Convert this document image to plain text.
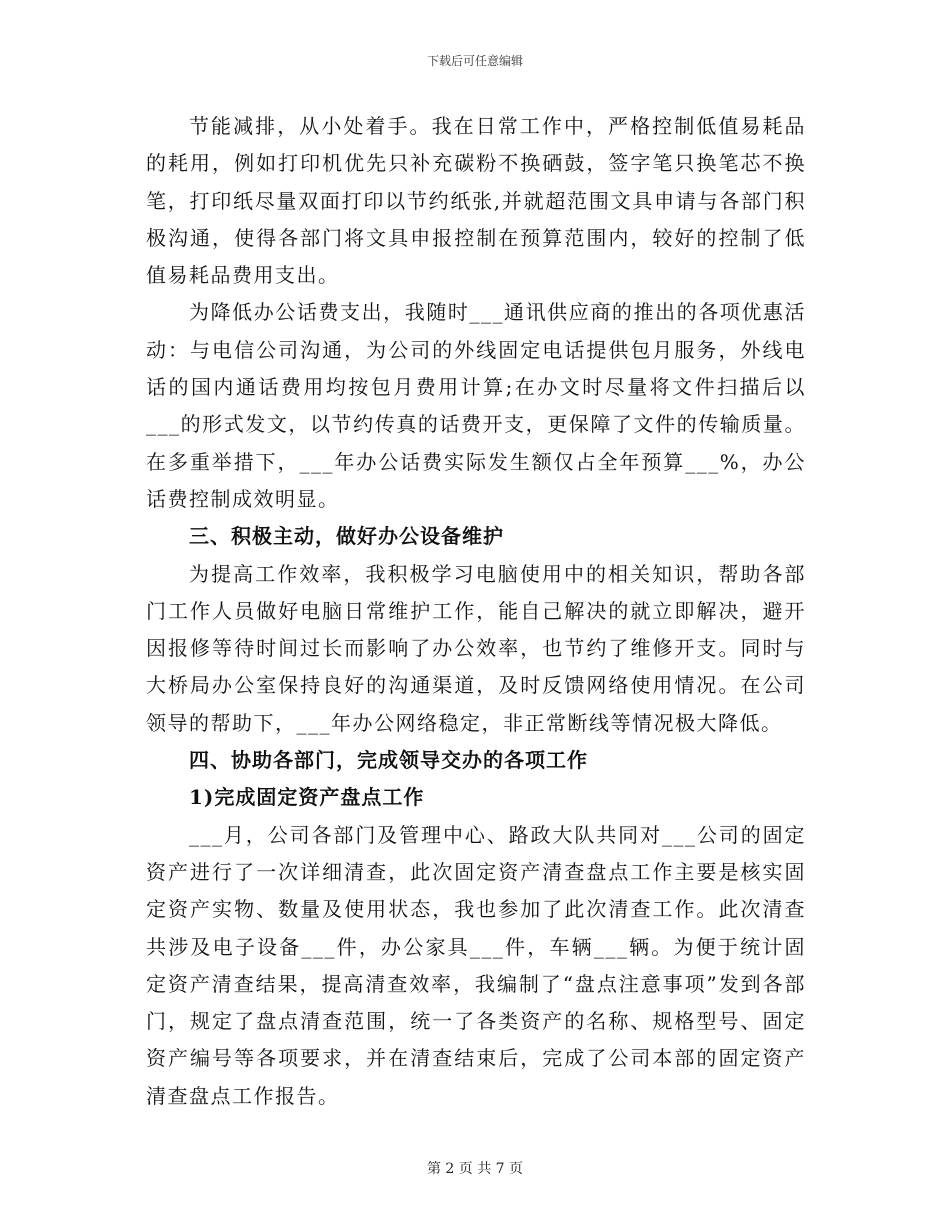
下载后可任意编辑

节能减排，从小处着手。我在日常工作中，严格控制低值易耗品的耗用，例如打印机优先只补充碳粉不换硒鼓，签字笔只换笔芯不换笔，打印纸尽量双面打印以节约纸张,并就超范围文具申请与各部门积极沟通，使得各部门将文具申报控制在预算范围内，较好的控制了低值易耗品费用支出。

为降低办公话费支出，我随时___通讯供应商的推出的各项优惠活动：与电信公司沟通，为公司的外线固定电话提供包月服务，外线电话的国内通话费用均按包月费用计算;在办文时尽量将文件扫描后以___的形式发文，以节约传真的话费开支，更保障了文件的传输质量。在多重举措下，___年办公话费实际发生额仅占全年预算___%，办公话费控制成效明显。

三、积极主动，做好办公设备维护

为提高工作效率，我积极学习电脑使用中的相关知识，帮助各部门工作人员做好电脑日常维护工作，能自己解决的就立即解决，避开因报修等待时间过长而影响了办公效率，也节约了维修开支。同时与大桥局办公室保持良好的沟通渠道，及时反馈网络使用情况。在公司领导的帮助下，___年办公网络稳定，非正常断线等情况极大降低。

四、协助各部门，完成领导交办的各项工作

1)完成固定资产盘点工作

___月，公司各部门及管理中心、路政大队共同对___公司的固定资产进行了一次详细清查，此次固定资产清查盘点工作主要是核实固定资产实物、数量及使用状态，我也参加了此次清查工作。此次清查共涉及电子设备___件，办公家具___件，车辆___辆。为便于统计固定资产清查结果，提高清查效率，我编制了“盘点注意事项”发到各部门，规定了盘点清查范围，统一了各类资产的名称、规格型号、固定资产编号等各项要求，并在清查结束后，完成了公司本部的固定资产清查盘点工作报告。

第 2 页 共 7 页
